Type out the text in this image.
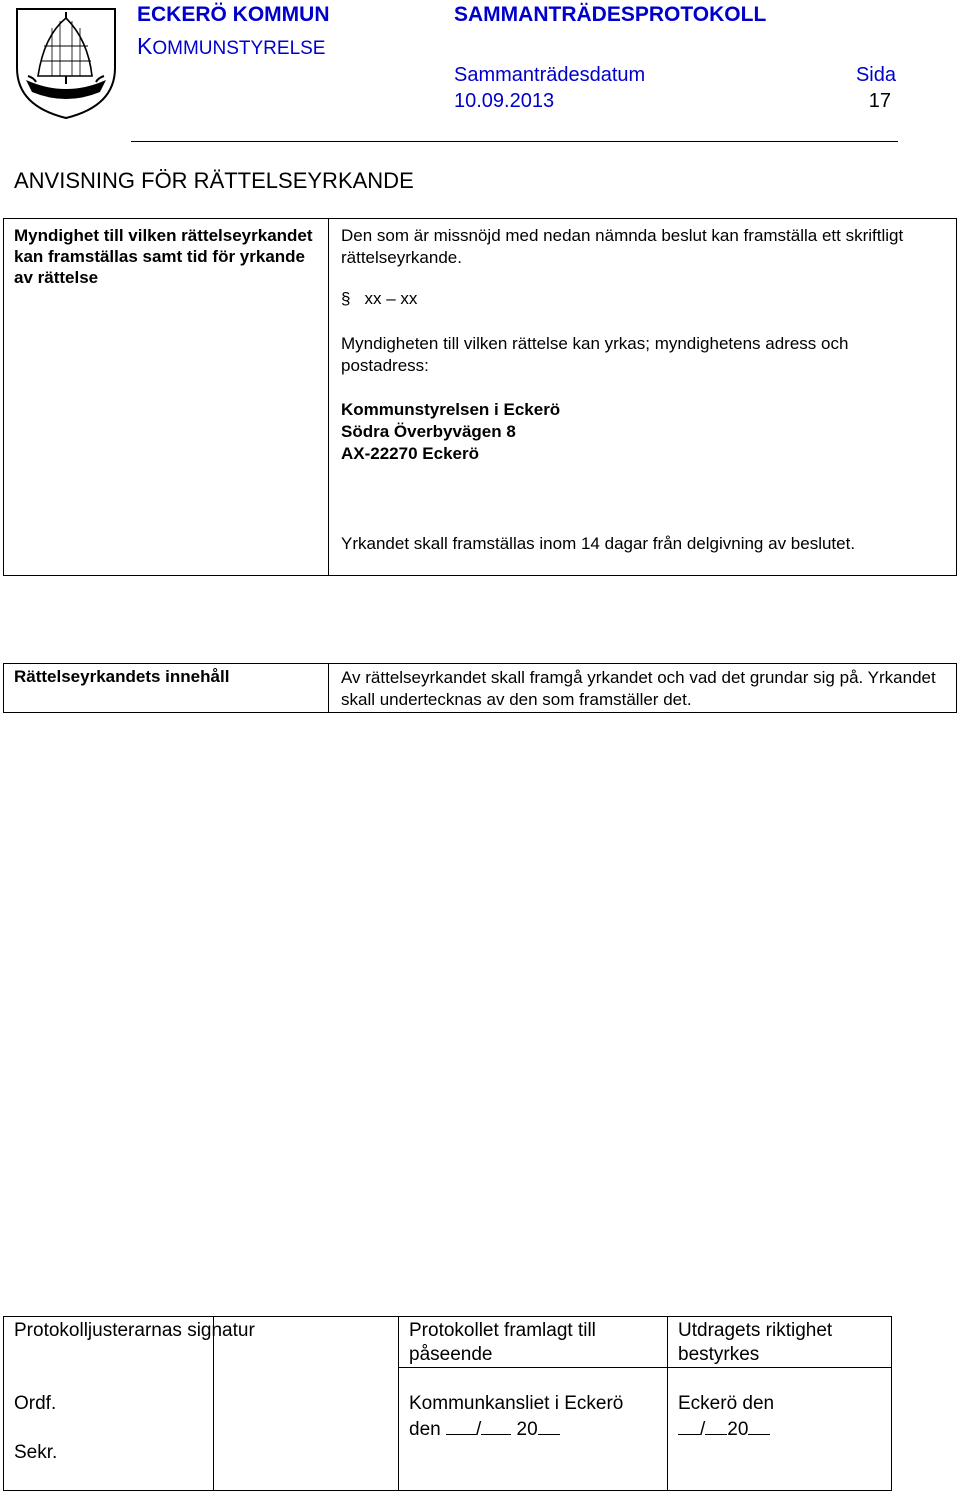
ECKERÖ KOMMUN
KOMMUNSTYRELSE
SAMMANTRÄDESPROTOKOLL
Sammanträdesdatum
10.09.2013
Sida
17
ANVISNING FÖR RÄTTELSEYRKANDE
Myndighet till vilken rättelseyrkandet kan framställas samt tid för yrkande av rättelse
Den som är missnöjd med nedan nämnda beslut kan framställa ett skriftligt rättelseyrkande.
§ xx – xx
Myndigheten till vilken rättelse kan yrkas; myndighetens adress och postadress:
Kommunstyrelsen i Eckerö
Södra Överbyvägen 8
AX-22270 Eckerö
Yrkandet skall framställas inom 14 dagar från delgivning av beslutet.
Rättelseyrkandets innehåll	Av rättelseyrkandet skall framgå yrkandet och vad det grundar sig på. Yrkandet skall undertecknas av den som framställer det.
Protokolljusterarnas signatur	Protokollet framlagt till påseende
Utdragets riktighet bestyrkes
Ordf.
Sekr.
Kommunkansliet i Eckerö
den / 20
Eckerö den
/ 20
